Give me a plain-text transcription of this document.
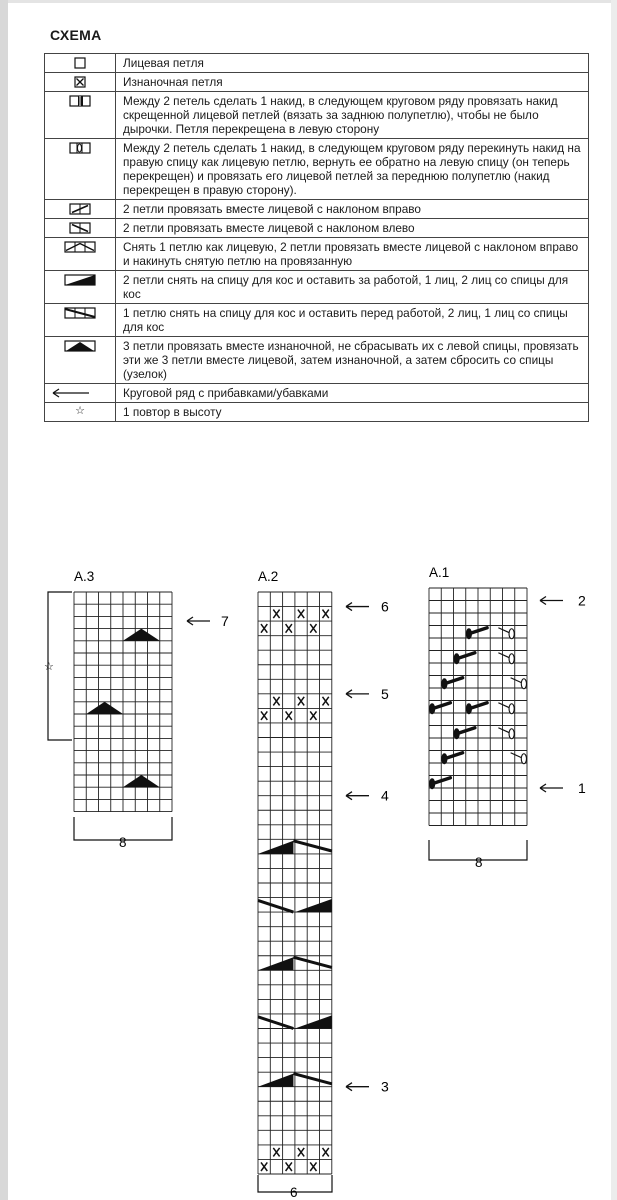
СХЕМА
	Лицевая петля

	Изнаночная петля

	Между 2 петель сделать 1 накид, в следующем круговом ряду провязать накид скрещенной лицевой петлей (вязать за заднюю полупетлю), чтобы не было дырочки. Петля перекрещена в левую сторону

	Между 2 петель сделать 1 накид, в следующем круговом ряду перекинуть накид на правую спицу как лицевую петлю, вернуть ее обратно на левую спицу (он теперь перекрещен) и провязать его лицевой петлей за переднюю полупетлю (накид перекрещен в правую сторону).

	2 петли провязать вместе лицевой с наклоном вправо

	2 петли провязать вместе лицевой с наклоном влево

	Снять 1 петлю как лицевую, 2 петли провязать вместе лицевой с наклоном вправо и накинуть снятую петлю на провязанную

	2 петли снять на спицу для кос и оставить за работой, 1 лиц, 2 лиц со спицы для кос

	1 петлю снять на спицу для кос и оставить перед работой, 2 лиц, 1 лиц со спицы для кос

	3 петли провязать вместе изнаночной, не сбрасывать их с левой спицы, провязать эти же 3 петли вместе лицевой, затем изнаночной, а затем сбросить со спицы (узелок)

	Круговой ряд с прибавками/убавками
☆	1 повтор в высоту
A.3
☆
8
7
A.2
6
5
4
3
6
A.1
2
1
8
